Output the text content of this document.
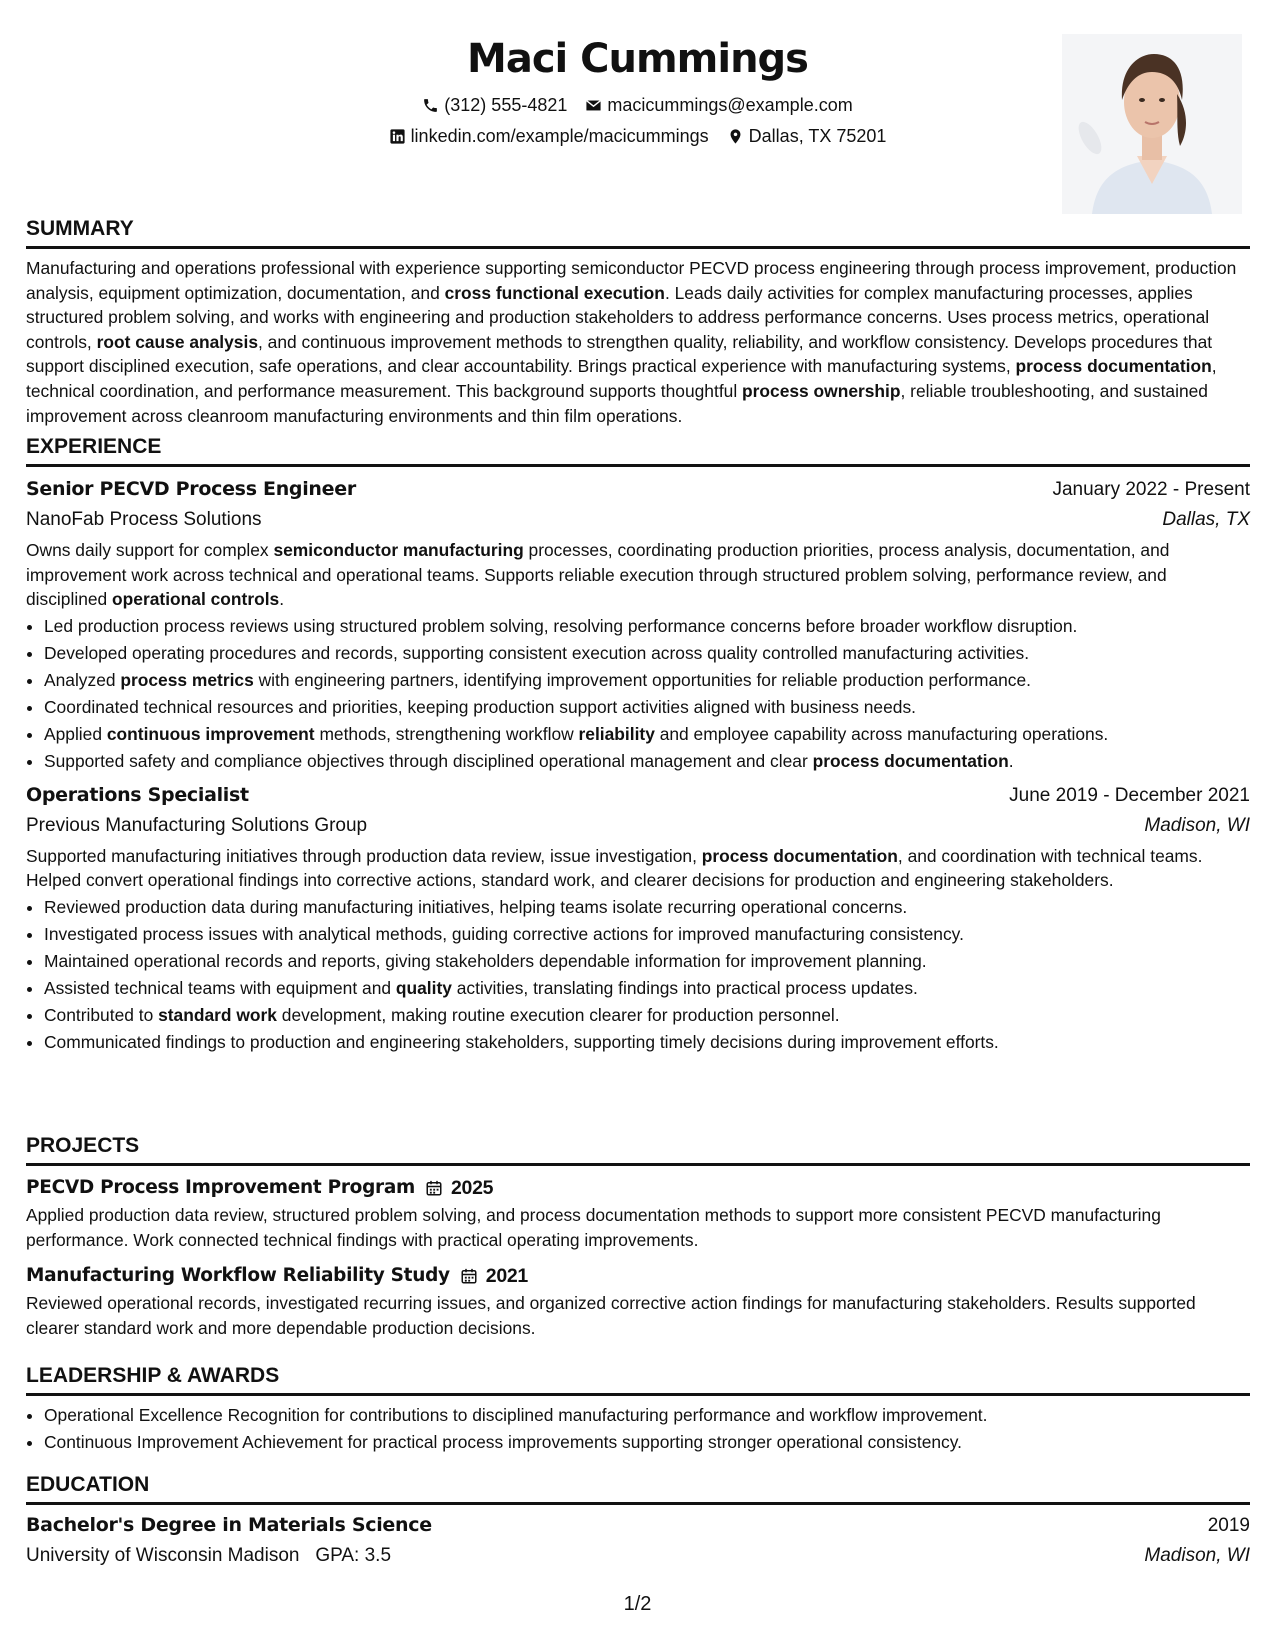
Maci Cummings
(312) 555-4821 macicummings@example.com
linkedin.com/example/macicummings Dallas, TX 75201
SUMMARY

Manufacturing and operations professional with experience supporting semiconductor PECVD process engineering through process improvement, production analysis, equipment optimization, documentation, and cross functional execution. Leads daily activities for complex manufacturing processes, applies structured problem solving, and works with engineering and production stakeholders to address performance concerns. Uses process metrics, operational controls, root cause analysis, and continuous improvement methods to strengthen quality, reliability, and workflow consistency. Develops procedures that support disciplined execution, safe operations, and clear accountability. Brings practical experience with manufacturing systems, process documentation, technical coordination, and performance measurement. This background supports thoughtful process ownership, reliable troubleshooting, and sustained improvement across cleanroom manufacturing environments and thin film operations.

EXPERIENCE
Senior PECVD Process Engineer	January 2022 - Present
NanoFab Process Solutions	Dallas, TX

Owns daily support for complex semiconductor manufacturing processes, coordinating production priorities, process analysis, documentation, and improvement work across technical and operational teams. Supports reliable execution through structured problem solving, performance review, and disciplined operational controls.

• Led production process reviews using structured problem solving, resolving performance concerns before broader workflow disruption.
• Developed operating procedures and records, supporting consistent execution across quality controlled manufacturing activities.
• Analyzed process metrics with engineering partners, identifying improvement opportunities for reliable production performance.
• Coordinated technical resources and priorities, keeping production support activities aligned with business needs.
• Applied continuous improvement methods, strengthening workflow reliability and employee capability across manufacturing operations.
• Supported safety and compliance objectives through disciplined operational management and clear process documentation.
Operations Specialist	June 2019 - December 2021
Previous Manufacturing Solutions Group	Madison, WI

Supported manufacturing initiatives through production data review, issue investigation, process documentation, and coordination with technical teams. Helped convert operational findings into corrective actions, standard work, and clearer decisions for production and engineering stakeholders.

• Reviewed production data during manufacturing initiatives, helping teams isolate recurring operational concerns.
• Investigated process issues with analytical methods, guiding corrective actions for improved manufacturing consistency.
• Maintained operational records and reports, giving stakeholders dependable information for improvement planning.
• Assisted technical teams with equipment and quality activities, translating findings into practical process updates.
• Contributed to standard work development, making routine execution clearer for production personnel.
• Communicated findings to production and engineering stakeholders, supporting timely decisions during improvement efforts.
PROJECTS
PECVD Process Improvement Program 2025

Applied production data review, structured problem solving, and process documentation methods to support more consistent PECVD manufacturing performance. Work connected technical findings with practical operating improvements.

Manufacturing Workflow Reliability Study 2021

Reviewed operational records, investigated recurring issues, and organized corrective action findings for manufacturing stakeholders. Results supported clearer standard work and more dependable production decisions.

LEADERSHIP & AWARDS
• Operational Excellence Recognition for contributions to disciplined manufacturing performance and workflow improvement.
• Continuous Improvement Achievement for practical process improvements supporting stronger operational consistency.
EDUCATION
Bachelor's Degree in Materials Science	2019
University of Wisconsin Madison GPA: 3.5	Madison, WI
1/2
